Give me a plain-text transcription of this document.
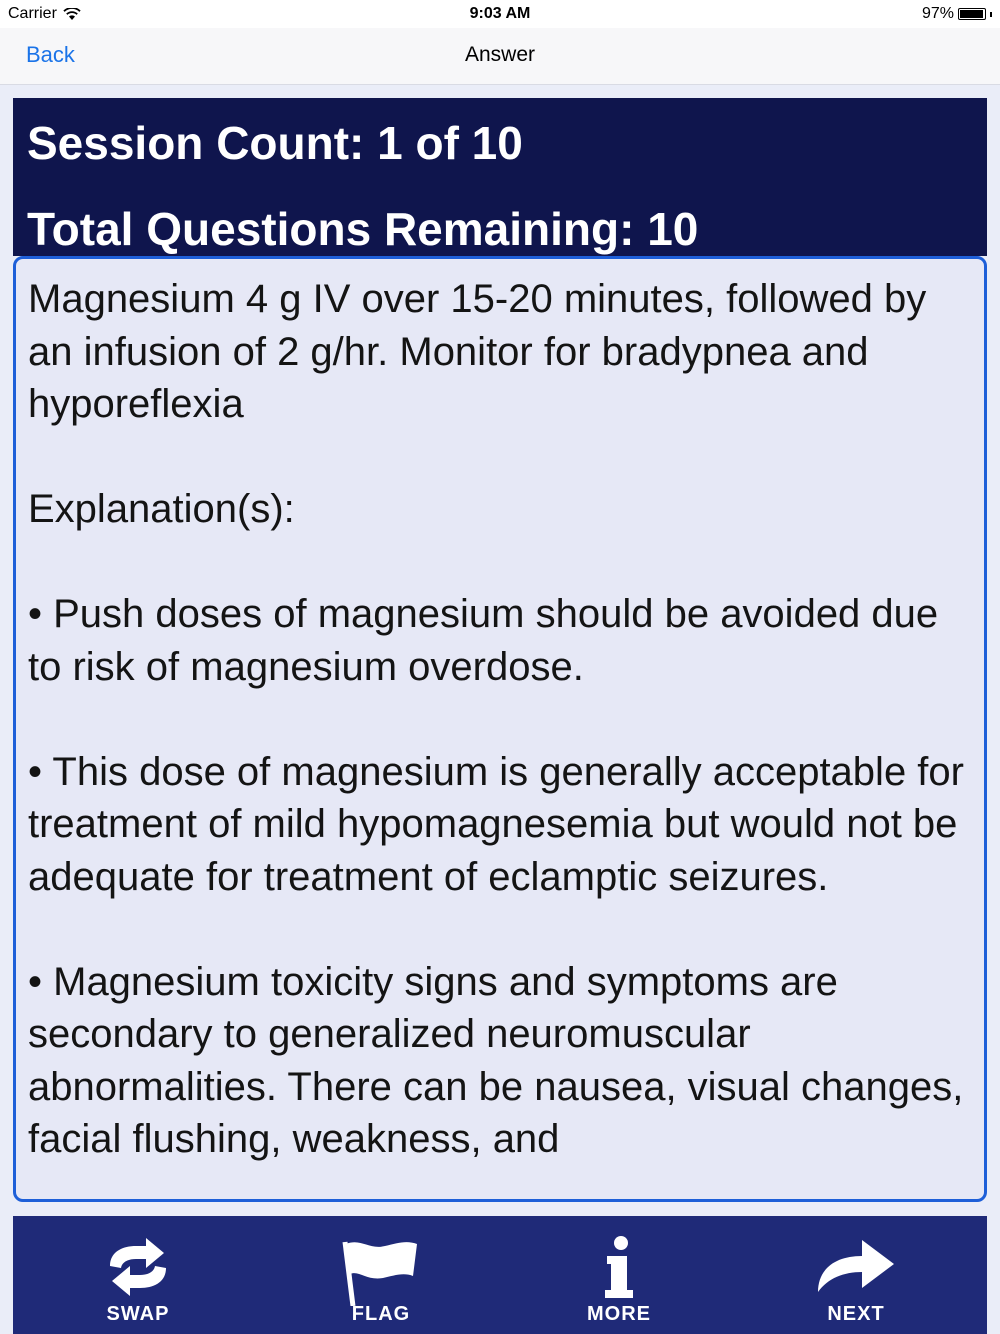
Carrier	9:03 AM	97%
Back	Answer
Session Count: 1 of 10
Total Questions Remaining: 10

Magnesium 4 g IV over 15-20 minutes, followed by an infusion of 2 g/hr. Monitor for bradypnea and hyporeflexia

Explanation(s):

• Push doses of magnesium should be avoided due to risk of magnesium overdose.

• This dose of magnesium is generally acceptable for treatment of mild hypomagnesemia but would not be adequate for treatment of eclamptic seizures.

• Magnesium toxicity signs and symptoms are secondary to generalized neuromuscular abnormalities. There can be nausea, visual changes, facial flushing, weakness, and

SWAP	FLAG	MORE	NEXT
